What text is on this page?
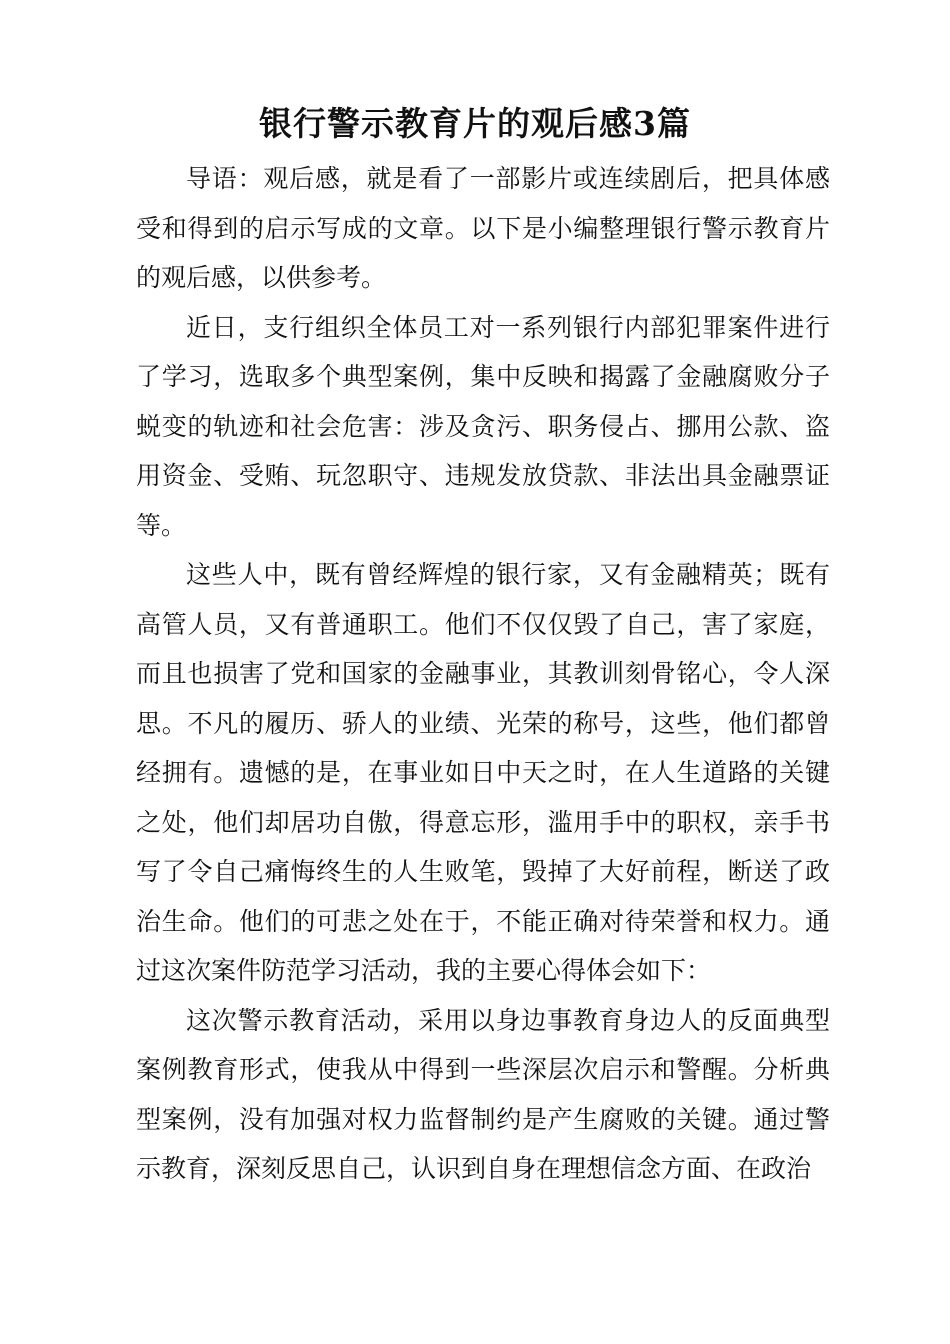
银行警示教育片的观后感3篇

导语：观后感，就是看了一部影片或连续剧后，把具体感受和得到的启示写成的文章。以下是小编整理银行警示教育片的观后感，以供参考。

近日，支行组织全体员工对一系列银行内部犯罪案件进行了学习，选取多个典型案例，集中反映和揭露了金融腐败分子蜕变的轨迹和社会危害：涉及贪污、职务侵占、挪用公款、盗用资金、受贿、玩忽职守、违规发放贷款、非法出具金融票证等。

这些人中，既有曾经辉煌的银行家，又有金融精英；既有高管人员，又有普通职工。他们不仅仅毁了自己，害了家庭，而且也损害了党和国家的金融事业，其教训刻骨铭心，令人深思。不凡的履历、骄人的业绩、光荣的称号，这些，他们都曾经拥有。遗憾的是，在事业如日中天之时，在人生道路的关键之处，他们却居功自傲，得意忘形，滥用手中的职权，亲手书写了令自己痛悔终生的人生败笔，毁掉了大好前程，断送了政治生命。他们的可悲之处在于，不能正确对待荣誉和权力。通过这次案件防范学习活动，我的主要心得体会如下：

这次警示教育活动，采用以身边事教育身边人的反面典型案例教育形式，使我从中得到一些深层次启示和警醒。分析典型案例，没有加强对权力监督制约是产生腐败的关键。通过警示教育，深刻反思自己，认识到自身在理想信念方面、在政治
